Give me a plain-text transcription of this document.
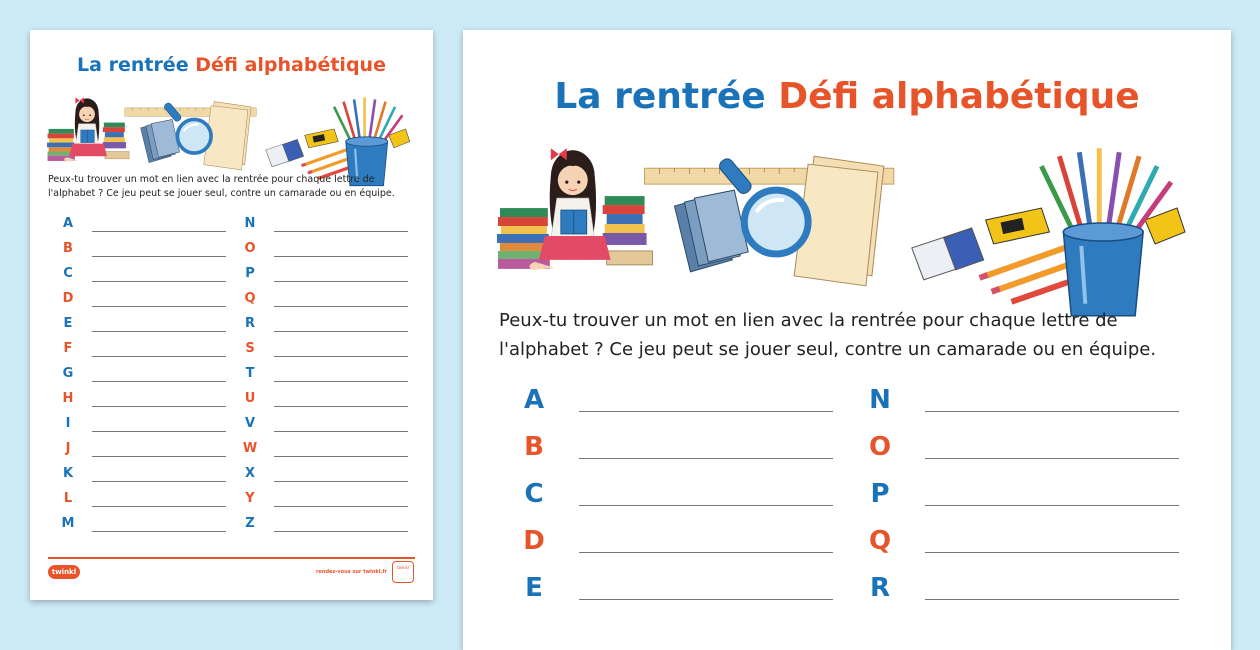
La rentrée Défi alphabétique
Peux-tu trouver un mot en lien avec la rentrée pour chaque lettre de l'alphabet ? Ce jeu peut se jouer seul, contre un camarade ou en équipe.
A
B
C
D
E
F
G
H
I
J
K
L
M
N
O
P
Q
R
S
T
U
V
W
X
Y
Z
twinkl	rendez-vous sur twinkl.fr
twinkl
La rentrée Défi alphabétique
Peux-tu trouver un mot en lien avec la rentrée pour chaque lettre de l'alphabet ? Ce jeu peut se jouer seul, contre un camarade ou en équipe.
A
B
C
D
E
N
O
P
Q
R
